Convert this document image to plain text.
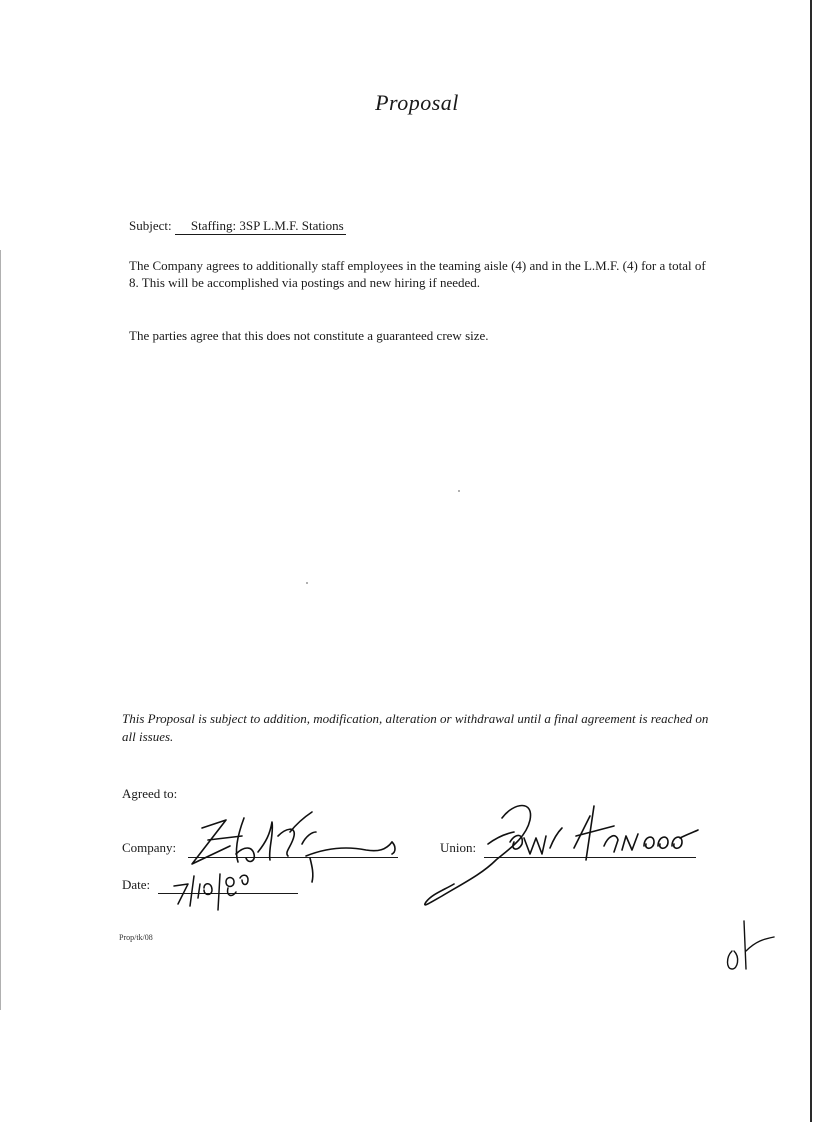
Proposal
Subject: Staffing: 3SP L.M.F. Stations
The Company agrees to additionally staff employees in the teaming aisle (4) and in the L.M.F. (4) for a total of 8. This will be accomplished via postings and new hiring if needed.
The parties agree that this does not constitute a guaranteed crew size.
This Proposal is subject to addition, modification, alteration or withdrawal until a final agreement is reached on all issues.
Agreed to:
Company:	Union:
Date:
Prop/tk/08
